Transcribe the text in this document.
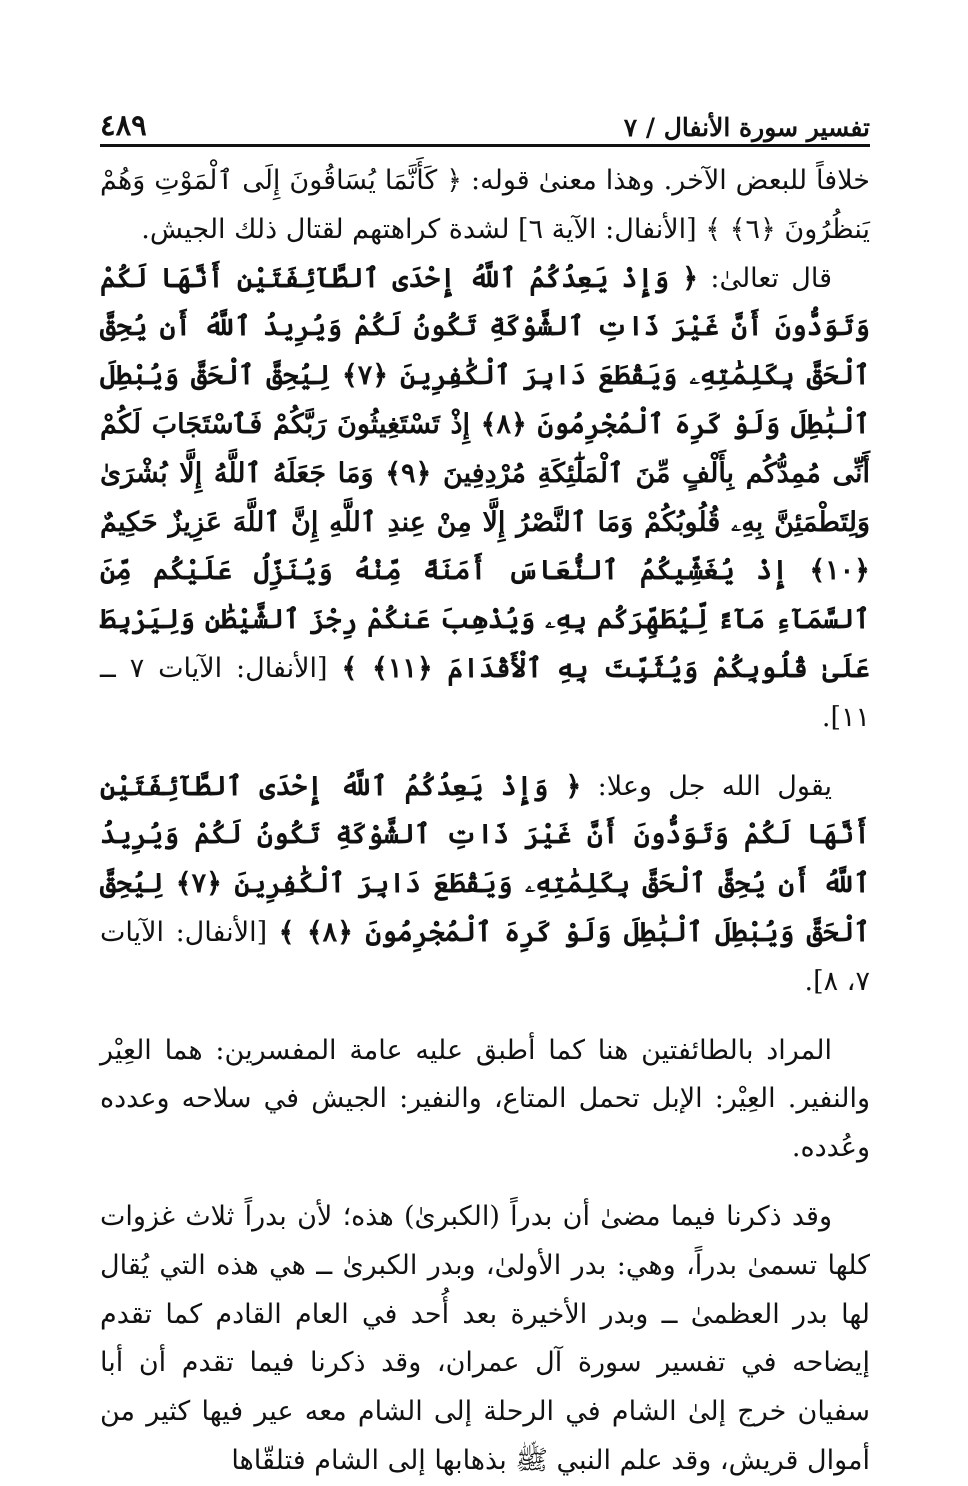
تفسير سورة الأنفال / ٧
٤٨٩

خلافاً للبعض الآخر. وهذا معنىٰ قوله: ﴿ كَأَنَّمَا يُسَاقُونَ إِلَى ٱلْمَوْتِ وَهُمْ يَنظُرُونَ ﴿٦﴾ ﴾ [الأنفال: الآية ٦] لشدة كراهتهم لقتال ذلك الجيش.

قال تعالىٰ: ﴿ وَإِذْ يَعِدُكُمُ ٱللَّهُ إِحْدَى ٱلطَّآئِفَتَيْنِ أَنَّهَا لَكُمْ وَتَوَدُّونَ أَنَّ غَيْرَ ذَاتِ ٱلشَّوْكَةِ تَكُونُ لَكُمْ وَيُرِيدُ ٱللَّهُ أَن يُحِقَّ ٱلْحَقَّ بِكَلِمَٰتِهِۦ وَيَقْطَعَ دَابِرَ ٱلْكَٰفِرِينَ ﴿٧﴾ لِيُحِقَّ ٱلْحَقَّ وَيُبْطِلَ ٱلْبَٰطِلَ وَلَوْ كَرِهَ ٱلْمُجْرِمُونَ ﴿٨﴾ إِذْ تَسْتَغِيثُونَ رَبَّكُمْ فَٱسْتَجَابَ لَكُمْ أَنِّى مُمِدُّكُم بِأَلْفٍ مِّنَ ٱلْمَلَٰٓئِكَةِ مُرْدِفِينَ ﴿٩﴾ وَمَا جَعَلَهُ ٱللَّهُ إِلَّا بُشْرَىٰ وَلِتَطْمَئِنَّ بِهِۦ قُلُوبُكُمْ وَمَا ٱلنَّصْرُ إِلَّا مِنْ عِندِ ٱللَّهِ إِنَّ ٱللَّهَ عَزِيزٌ حَكِيمٌ ﴿١٠﴾ إِذْ يُغَشِّيكُمُ ٱلنُّعَاسَ أَمَنَةً مِّنْهُ وَيُنَزِّلُ عَلَيْكُم مِّنَ ٱلسَّمَآءِ مَآءً لِّيُطَهِّرَكُم بِهِۦ وَيُذْهِبَ عَنكُمْ رِجْزَ ٱلشَّيْطَٰنِ وَلِيَرْبِطَ عَلَىٰ قُلُوبِكُمْ وَيُثَبِّتَ بِهِ ٱلْأَقْدَامَ ﴿١١﴾ ﴾ [الأنفال: الآيات ٧ ــ ١١].

يقول الله جل وعلا: ﴿ وَإِذْ يَعِدُكُمُ ٱللَّهُ إِحْدَى ٱلطَّآئِفَتَيْنِ أَنَّهَا لَكُمْ وَتَوَدُّونَ أَنَّ غَيْرَ ذَاتِ ٱلشَّوْكَةِ تَكُونُ لَكُمْ وَيُرِيدُ ٱللَّهُ أَن يُحِقَّ ٱلْحَقَّ بِكَلِمَٰتِهِۦ وَيَقْطَعَ دَابِرَ ٱلْكَٰفِرِينَ ﴿٧﴾ لِيُحِقَّ ٱلْحَقَّ وَيُبْطِلَ ٱلْبَٰطِلَ وَلَوْ كَرِهَ ٱلْمُجْرِمُونَ ﴿٨﴾ ﴾ [الأنفال: الآيات ٧، ٨].

المراد بالطائفتين هنا كما أطبق عليه عامة المفسرين: هما العِيْر والنفير. العِيْر: الإبل تحمل المتاع، والنفير: الجيش في سلاحه وعدده وعُدده.

وقد ذكرنا فيما مضىٰ أن بدراً (الكبرىٰ) هذه؛ لأن بدراً ثلاث غزوات كلها تسمىٰ بدراً، وهي: بدر الأولىٰ، وبدر الكبرىٰ ــ هي هذه التي يُقال لها بدر العظمىٰ ــ وبدر الأخيرة بعد أُحد في العام القادم كما تقدم إيضاحه في تفسير سورة آل عمران، وقد ذكرنا فيما تقدم أن أبا سفيان خرج إلىٰ الشام في الرحلة إلى الشام معه عير فيها كثير من أموال قريش، وقد علم النبي ﷺ بذهابها إلى الشام فتلقّاها
